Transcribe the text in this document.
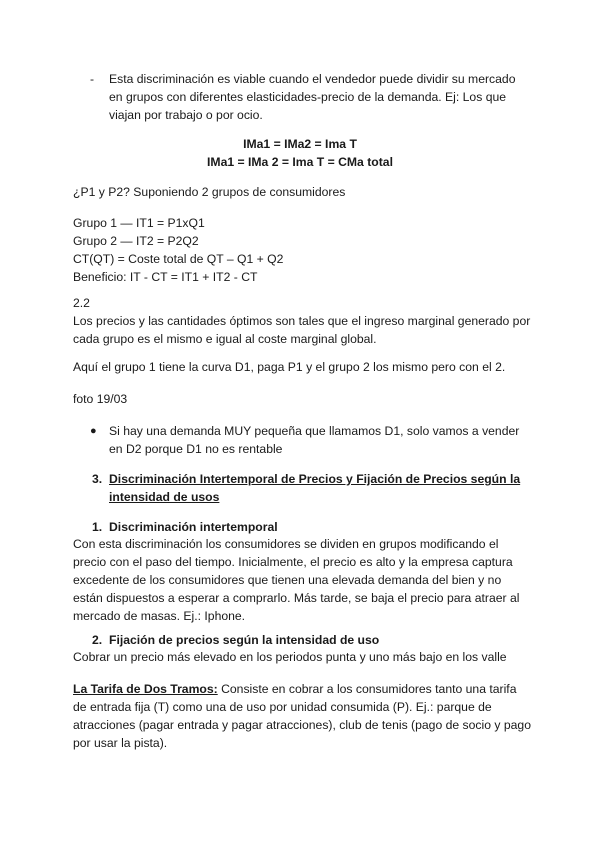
- Esta discriminación es viable cuando el vendedor puede dividir su mercado
en grupos con diferentes elasticidades-precio de la demanda. Ej: Los que
viajan por trabajo o por ocio.
IMa1 = IMa2 = Ima T
IMa1 = IMa 2 = Ima T = CMa total

¿P1 y P2? Suponiendo 2 grupos de consumidores

Grupo 1 — IT1 = P1xQ1
Grupo 2 — IT2 = P2Q2
CT(QT) = Coste total de QT – Q1 + Q2
Beneficio: IT - CT = IT1 + IT2 - CT
2.2
Los precios y las cantidades óptimos son tales que el ingreso marginal generado por
cada grupo es el mismo e igual al coste marginal global.

Aquí el grupo 1 tiene la curva D1, paga P1 y el grupo 2 los mismo pero con el 2.

foto 19/03

● Si hay una demanda MUY pequeña que llamamos D1, solo vamos a vender
en D2 porque D1 no es rentable
3. Discriminación Intertemporal de Precios y Fijación de Precios según la
intensidad de usos
1. Discriminación intertemporal
Con esta discriminación los consumidores se dividen en grupos modificando el
precio con el paso del tiempo. Inicialmente, el precio es alto y la empresa captura
excedente de los consumidores que tienen una elevada demanda del bien y no
están dispuestos a esperar a comprarlo. Más tarde, se baja el precio para atraer al
mercado de masas. Ej.: Iphone.
2. Fijación de precios según la intensidad de uso
Cobrar un precio más elevado en los periodos punta y uno más bajo en los valle
La Tarifa de Dos Tramos: Consiste en cobrar a los consumidores tanto una tarifa
de entrada fija (T) como una de uso por unidad consumida (P). Ej.: parque de
atracciones (pagar entrada y pagar atracciones), club de tenis (pago de socio y pago
por usar la pista).
